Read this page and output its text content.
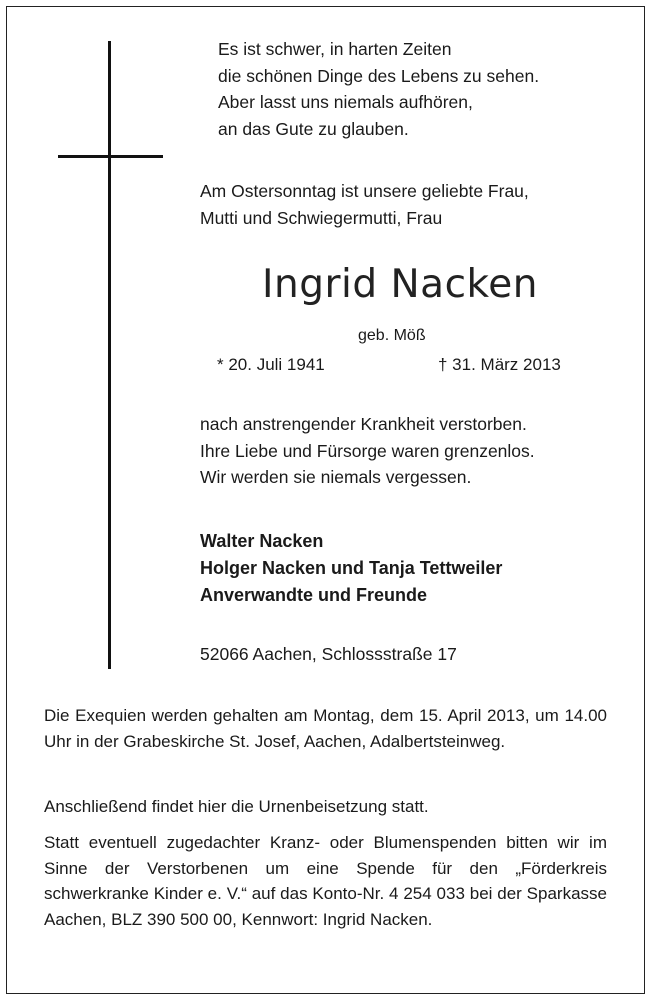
Es ist schwer, in harten Zeiten
die schönen Dinge des Lebens zu sehen.
Aber lasst uns niemals aufhören,
an das Gute zu glauben.
Am Ostersonntag ist unsere geliebte Frau,
Mutti und Schwiegermutti, Frau
Ingrid Nacken
geb. Möß
* 20. Juli 1941	† 31. März 2013
nach anstrengender Krankheit verstorben.
Ihre Liebe und Fürsorge waren grenzenlos.
Wir werden sie niemals vergessen.
Walter Nacken
Holger Nacken und Tanja Tettweiler
Anverwandte und Freunde
52066 Aachen, Schlossstraße 17
Die Exequien werden gehalten am Montag, dem 15. April 2013, um 14.00 Uhr in der Grabeskirche St. Josef, Aachen, Adalbertsteinweg.
Anschließend findet hier die Urnenbeisetzung statt.
Statt eventuell zugedachter Kranz- oder Blumenspenden bitten wir im Sinne der Verstorbenen um eine Spende für den „Förderkreis schwerkranke Kinder e. V.“ auf das Konto-Nr. 4 254 033 bei der Sparkasse Aachen, BLZ 390 500 00, Kennwort: Ingrid Nacken.
